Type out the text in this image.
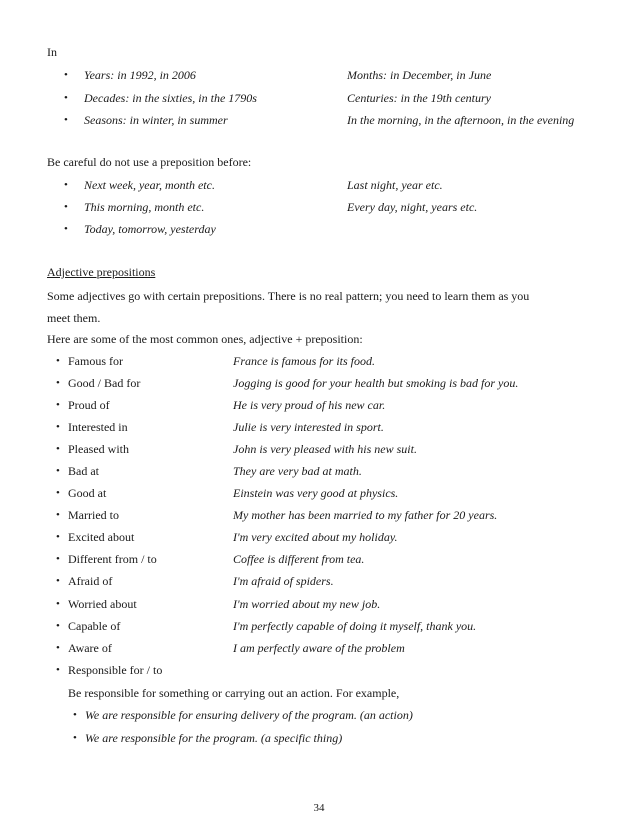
In
• Years: in 1992, in 2006	Months: in December, in June
• Decades: in the sixties, in the 1790s	Centuries: in the 19th century
• Seasons: in winter, in summer	In the morning, in the afternoon, in the evening
Be careful do not use a preposition before:
• Next week, year, month etc.	Last night, year etc.
• This morning, month etc.	Every day, night, years etc.
• Today, tomorrow, yesterday
Adjective prepositions
Some adjectives go with certain prepositions. There is no real pattern; you need to learn them as you
meet them.
Here are some of the most common ones, adjective + preposition:
• Famous for	France is famous for its food.
• Good / Bad for	Jogging is good for your health but smoking is bad for you.
• Proud of	He is very proud of his new car.
• Interested in	Julie is very interested in sport.
• Pleased with	John is very pleased with his new suit.
• Bad at	They are very bad at math.
• Good at	Einstein was very good at physics.
• Married to	My mother has been married to my father for 20 years.
• Excited about	I'm very excited about my holiday.
• Different from / to	Coffee is different from tea.
• Afraid of	I'm afraid of spiders.
• Worried about	I'm worried about my new job.
• Capable of	I'm perfectly capable of doing it myself, thank you.
• Aware of	I am perfectly aware of the problem
• Responsible for / to
Be responsible for something or carrying out an action. For example,
• We are responsible for ensuring delivery of the program. (an action)
• We are responsible for the program. (a specific thing)
34
